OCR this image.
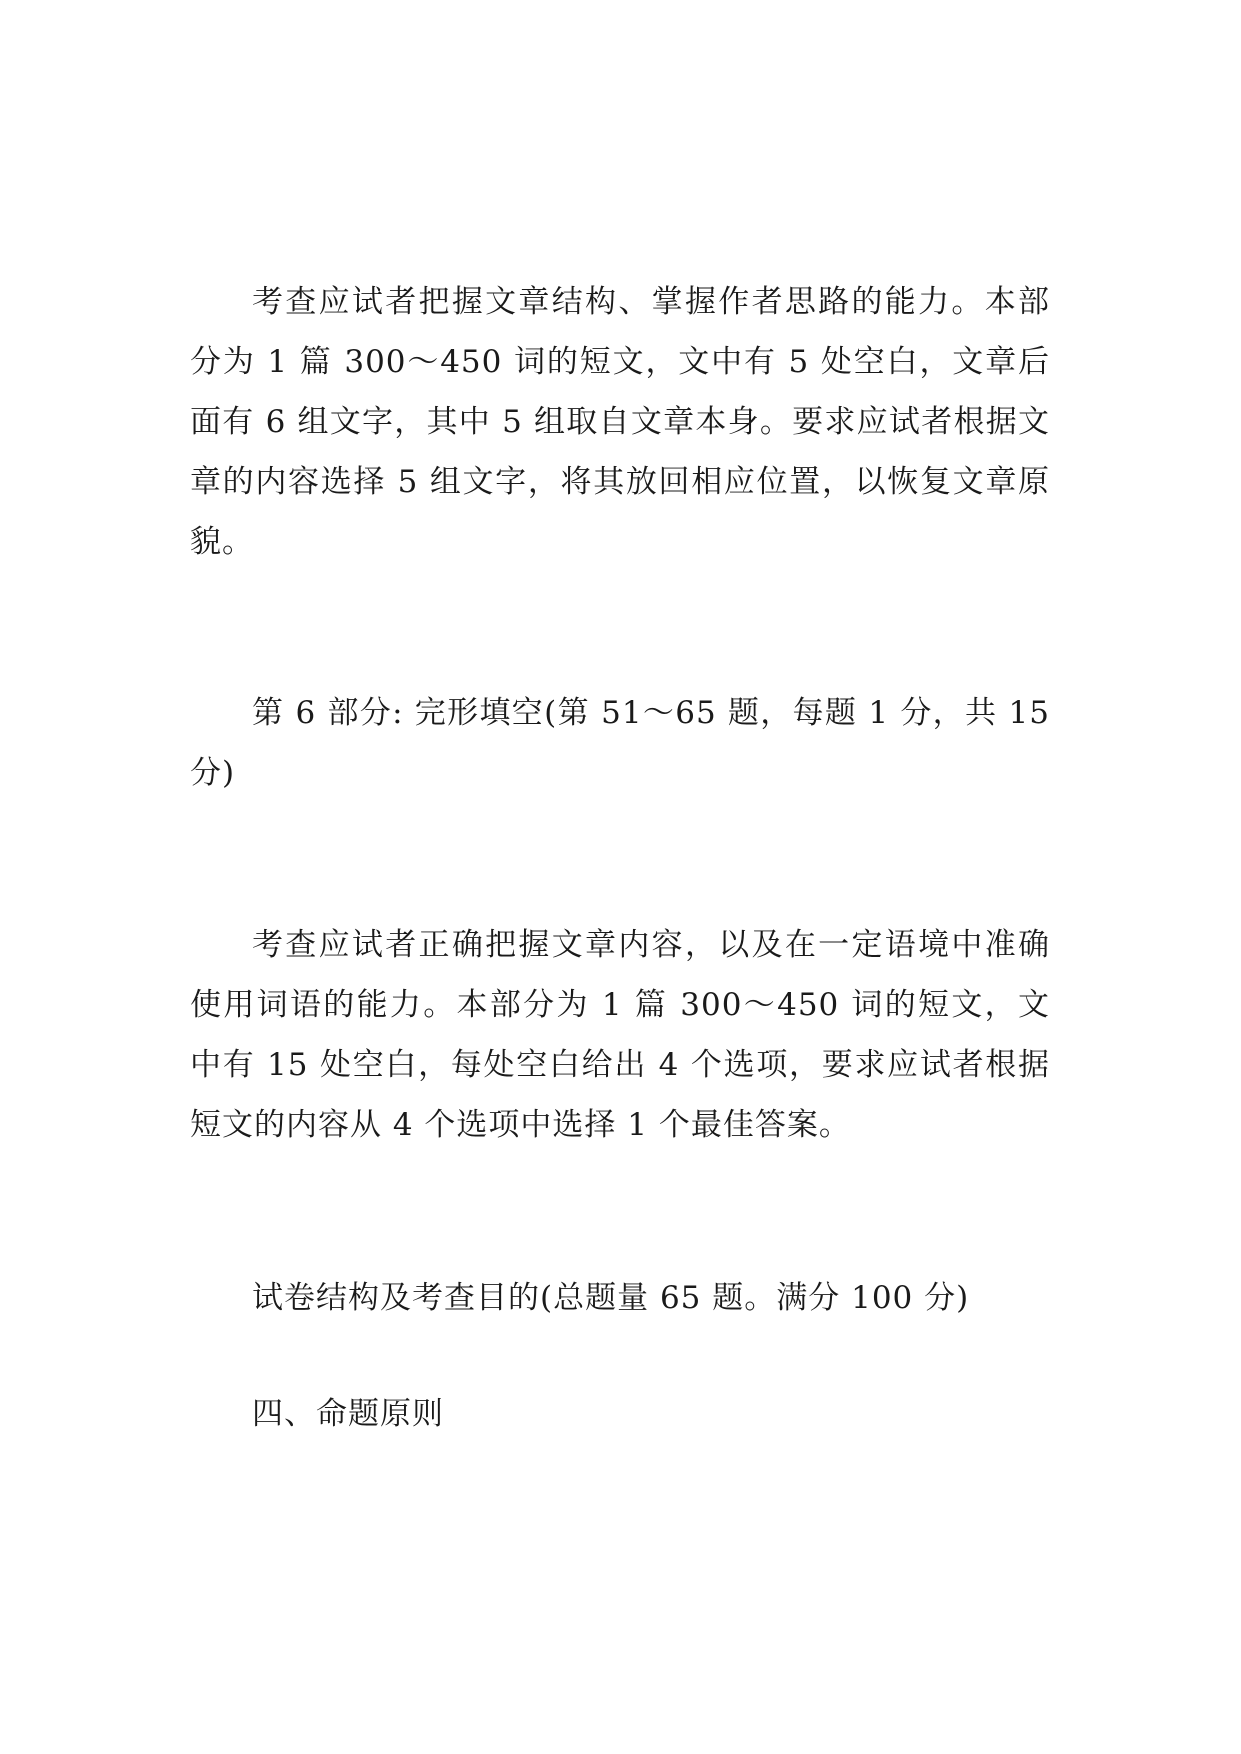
考查应试者把握文章结构、掌握作者思路的能力。本部分为 1 篇 300～450 词的短文，文中有 5 处空白，文章后面有 6 组文字，其中 5 组取自文章本身。要求应试者根据文章的内容选择 5 组文字，将其放回相应位置，以恢复文章原貌。

第 6 部分: 完形填空(第 51～65 题，每题 1 分，共 15 分)

考查应试者正确把握文章内容，以及在一定语境中准确使用词语的能力。本部分为 1 篇 300～450 词的短文，文中有 15 处空白，每处空白给出 4 个选项，要求应试者根据短文的内容从 4 个选项中选择 1 个最佳答案。

试卷结构及考查目的(总题量 65 题。满分 100 分)

四、命题原则
